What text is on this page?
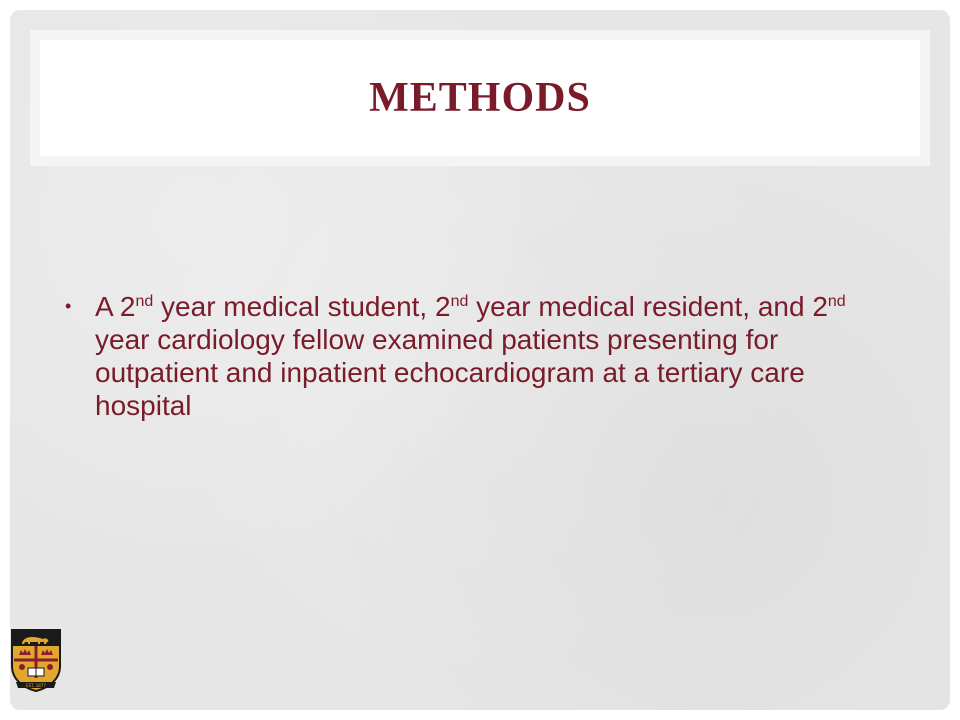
METHODS
• A 2nd year medical student, 2nd year medical resident, and 2nd year cardiology fellow examined patients presenting for outpatient and inpatient echocardiogram at a tertiary care hospital
EST. 1877
